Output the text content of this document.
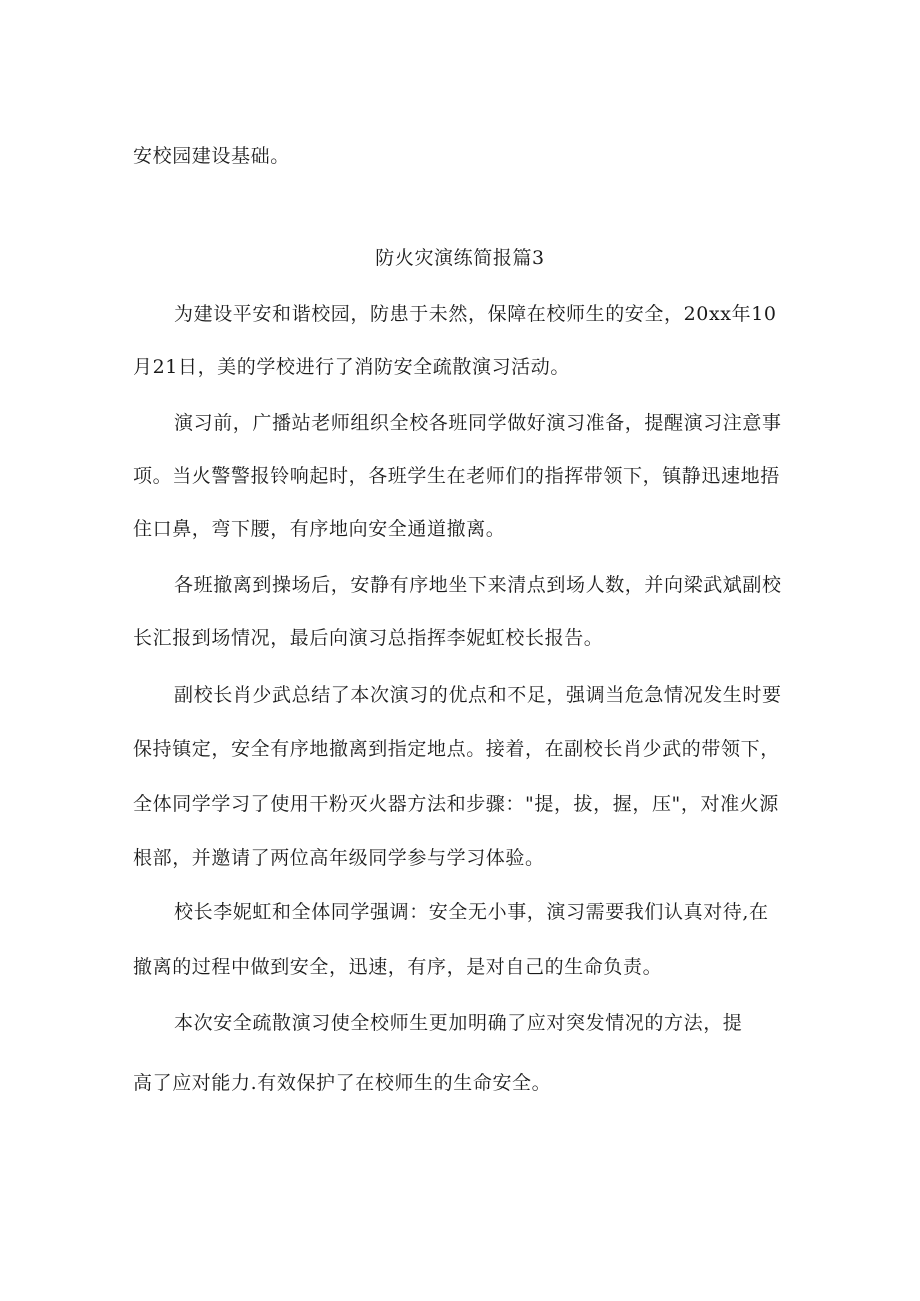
安校园建设基础。
防火灾演练简报篇3
为建设平安和谐校园，防患于未然，保障在校师生的安全，20xx年10
月21日，美的学校进行了消防安全疏散演习活动。
演习前，广播站老师组织全校各班同学做好演习准备，提醒演习注意事
项。当火警警报铃响起时，各班学生在老师们的指挥带领下，镇静迅速地捂
住口鼻，弯下腰，有序地向安全通道撤离。
各班撤离到操场后，安静有序地坐下来清点到场人数，并向梁武斌副校
长汇报到场情况，最后向演习总指挥李妮虹校长报告。
副校长肖少武总结了本次演习的优点和不足，强调当危急情况发生时要
保持镇定，安全有序地撤离到指定地点。接着，在副校长肖少武的带领下，
全体同学学习了使用干粉灭火器方法和步骤："提，拔，握，压"，对准火源
根部，并邀请了两位高年级同学参与学习体验。
校长李妮虹和全体同学强调：安全无小事，演习需要我们认真对待,在
撤离的过程中做到安全，迅速，有序，是对自己的生命负责。
本次安全疏散演习使全校师生更加明确了应对突发情况的方法，提
高了应对能力.有效保护了在校师生的生命安全。
